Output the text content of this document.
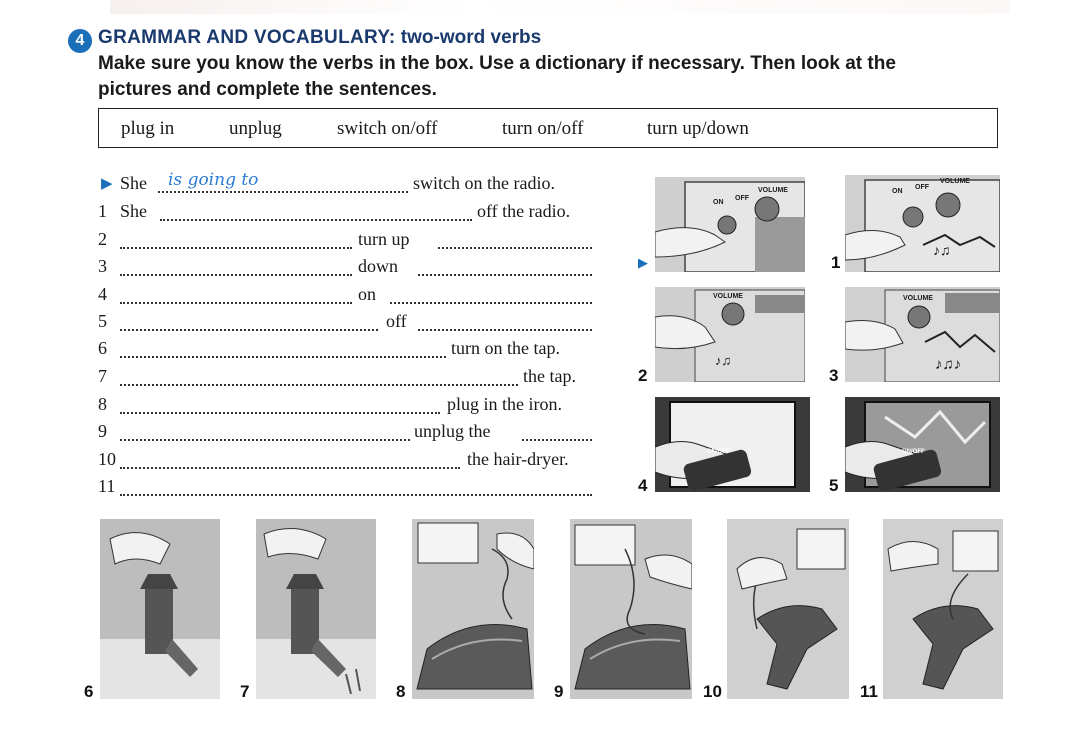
4 GRAMMAR AND VOCABULARY: two-word verbs
Make sure you know the verbs in the box. Use a dictionary if necessary. Then look at the
pictures and complete the sentences.
plug in	unplug	switch on/off	turn on/off	turn up/down
▶ She is going to	switch on the radio.
1 She	off the radio.
2	turn up
3	down
4	on
5	off
6	turn on the tap.
7	the tap.
8	plug in the iron.
9	unplug the
10	the hair-dryer.
11
ON
OFF
VOLUME
▶
♪♫
ON
OFF
VOLUME
1
♪♫
VOLUME
2
♪♫♪
VOLUME
3
ON/OFF
4
ON/OFF
5
6	7	8	9	10	11
